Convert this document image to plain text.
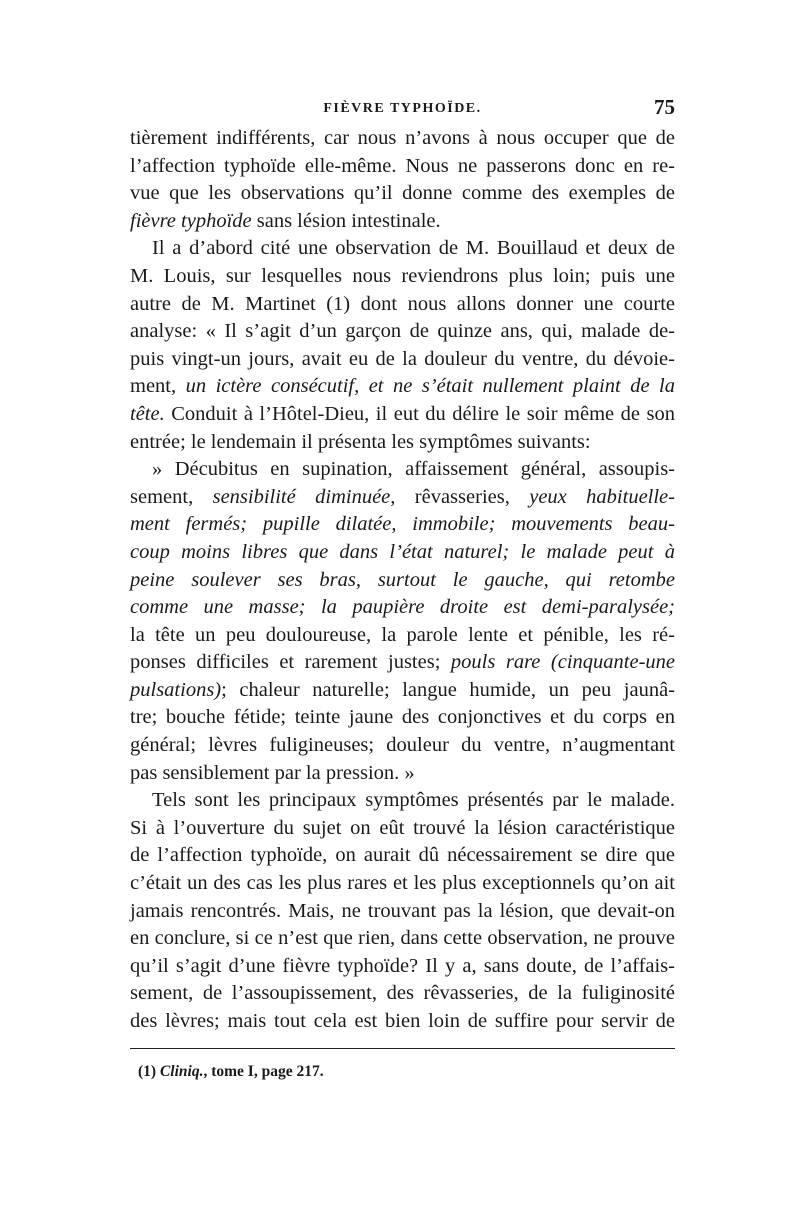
FIÈVRE TYPHOÏDE.	75
tièrement indifférents, car nous n’avons à nous occuper que de
l’affection typhoïde elle-même. Nous ne passerons donc en re-
vue que les observations qu’il donne comme des exemples de
fièvre typhoïde sans lésion intestinale.
Il a d’abord cité une observation de M. Bouillaud et deux de
M. Louis, sur lesquelles nous reviendrons plus loin; puis une
autre de M. Martinet (1) dont nous allons donner une courte
analyse: « Il s’agit d’un garçon de quinze ans, qui, malade de-
puis vingt-un jours, avait eu de la douleur du ventre, du dévoie-
ment, un ictère consécutif, et ne s’était nullement plaint de la
tête. Conduit à l’Hôtel-Dieu, il eut du délire le soir même de son
entrée; le lendemain il présenta les symptômes suivants:
» Décubitus en supination, affaissement général, assoupis-
sement, sensibilité diminuée, rêvasseries, yeux habituelle-
ment fermés; pupille dilatée, immobile; mouvements beau-
coup moins libres que dans l’état naturel; le malade peut à
peine soulever ses bras, surtout le gauche, qui retombe
comme une masse; la paupière droite est demi-paralysée;
la tête un peu douloureuse, la parole lente et pénible, les ré-
ponses difficiles et rarement justes; pouls rare (cinquante-une
pulsations); chaleur naturelle; langue humide, un peu jaunâ-
tre; bouche fétide; teinte jaune des conjonctives et du corps en
général; lèvres fuligineuses; douleur du ventre, n’augmentant
pas sensiblement par la pression. »
Tels sont les principaux symptômes présentés par le malade.
Si à l’ouverture du sujet on eût trouvé la lésion caractéristique
de l’affection typhoïde, on aurait dû nécessairement se dire que
c’était un des cas les plus rares et les plus exceptionnels qu’on ait
jamais rencontrés. Mais, ne trouvant pas la lésion, que devait-on
en conclure, si ce n’est que rien, dans cette observation, ne prouve
qu’il s’agit d’une fièvre typhoïde? Il y a, sans doute, de l’affais-
sement, de l’assoupissement, des rêvasseries, de la fuliginosité
des lèvres; mais tout cela est bien loin de suffire pour servir de
(1) Cliniq., tome I, page 217.
